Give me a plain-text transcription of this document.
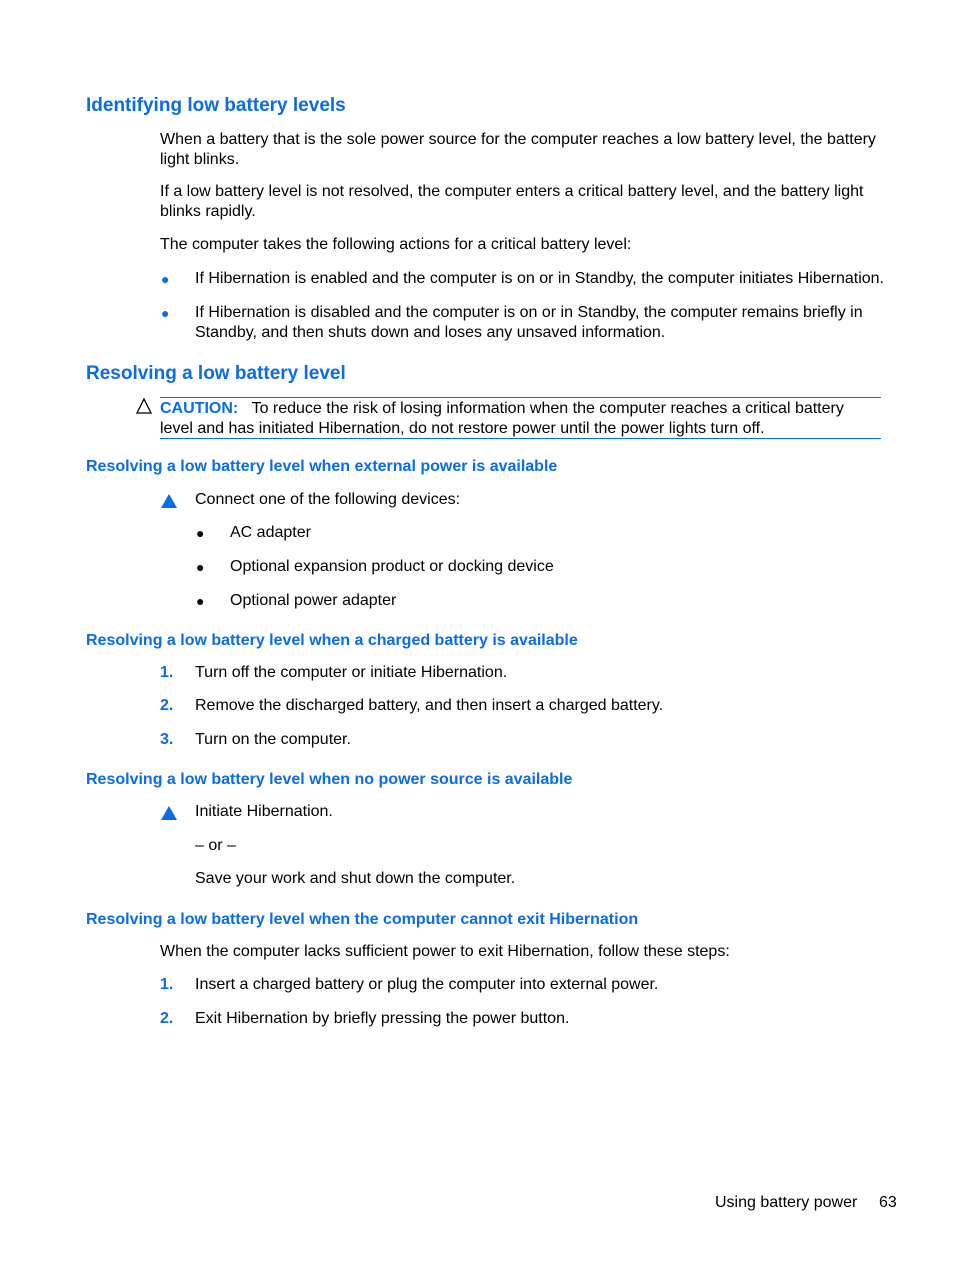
Identifying low battery levels
When a battery that is the sole power source for the computer reaches a low battery level, the battery light blinks.
If a low battery level is not resolved, the computer enters a critical battery level, and the battery light blinks rapidly.
The computer takes the following actions for a critical battery level:
● If Hibernation is enabled and the computer is on or in Standby, the computer initiates Hibernation.
● If Hibernation is disabled and the computer is on or in Standby, the computer remains briefly in Standby, and then shuts down and loses any unsaved information.
Resolving a low battery level
CAUTION: To reduce the risk of losing information when the computer reaches a critical battery level and has initiated Hibernation, do not restore power until the power lights turn off.
Resolving a low battery level when external power is available
Connect one of the following devices:
● AC adapter
● Optional expansion product or docking device
● Optional power adapter
Resolving a low battery level when a charged battery is available
1. Turn off the computer or initiate Hibernation.
2. Remove the discharged battery, and then insert a charged battery.
3. Turn on the computer.
Resolving a low battery level when no power source is available
Initiate Hibernation.
– or –
Save your work and shut down the computer.
Resolving a low battery level when the computer cannot exit Hibernation
When the computer lacks sufficient power to exit Hibernation, follow these steps:
1. Insert a charged battery or plug the computer into external power.
2. Exit Hibernation by briefly pressing the power button.
Using battery power 63
